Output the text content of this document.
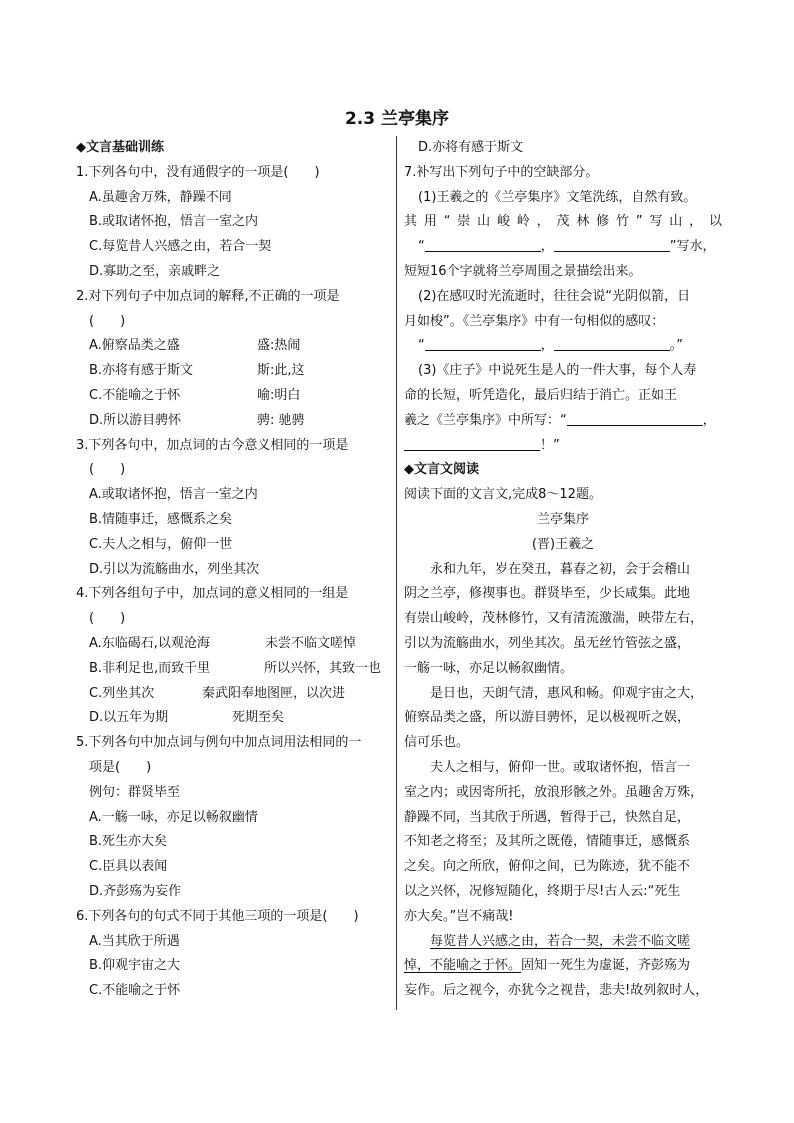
2.3 兰亭集序
◆文言基础训练
1.下列各句中，没有通假字的一项是(　　)
A.虽趣舍万殊，静躁不同
B.或取诸怀抱，悟言一室之内
C.每览昔人兴感之由，若合一契
D.寡助之至，亲戚畔之
2.对下列句子中加点词的解释,不正确的一项是
(　　)
A.俯察品类之盛	盛:热闹
B.亦将有感于斯文	斯:此,这
C.不能喻之于怀	喻:明白
D.所以游目骋怀	骋: 驰骋
3.下列各句中，加点词的古今意义相同的一项是
(　　)
A.或取诸怀抱，悟言一室之内
B.情随事迁，感慨系之矣
C.夫人之相与，俯仰一世
D.引以为流觞曲水，列坐其次
4.下列各组句子中，加点词的意义相同的一组是
(　　)
A.东临碣石,以观沧海	未尝不临文嗟悼
B.非利足也,而致千里	所以兴怀，其致一也
C.列坐其次	秦武阳奉地图匣，以次进
D.以五年为期	死期至矣
5.下列各句中加点词与例句中加点词用法相同的一
项是(　　)
例句：群贤毕至
A.一觞一咏，亦足以畅叙幽情
B.死生亦大矣
C.臣具以表闻
D.齐彭殇为妄作
6.下列各句的句式不同于其他三项的一项是(　　)
A.当其欣于所遇
B.仰观宇宙之大
C.不能喻之于怀
D.亦将有感于斯文
7.补写出下列句子中的空缺部分。
(1)王羲之的《兰亭集序》文笔洗练，自然有致。
其用“崇山峻岭，茂林修竹”写山，以
“	，	”写水，
短短16个字就将兰亭周围之景描绘出来。
(2)在感叹时光流逝时，往往会说“光阴似箭，日
月如梭”。《兰亭集序》中有一句相似的感叹：
“	，	。”
(3)《庄子》中说死生是人的一件大事，每个人寿
命的长短，听凭造化，最后归结于消亡。正如王
羲之《兰亭集序》中所写：“	，
！”
◆文言文阅读
阅读下面的文言文,完成8～12题。
兰亭集序
(晋)王羲之
永和九年，岁在癸丑，暮春之初，会于会稽山
阴之兰亭，修禊事也。群贤毕至，少长咸集。此地
有崇山峻岭，茂林修竹，又有清流激湍，映带左右，
引以为流觞曲水，列坐其次。虽无丝竹管弦之盛，
一觞一咏，亦足以畅叙幽情。
是日也，天朗气清，惠风和畅。仰观宇宙之大，
俯察品类之盛，所以游目骋怀，足以极视听之娱，
信可乐也。
夫人之相与，俯仰一世。或取诸怀抱，悟言一
室之内；或因寄所托，放浪形骸之外。虽趣舍万殊，
静躁不同，当其欣于所遇，暂得于己，快然自足，
不知老之将至；及其所之既倦，情随事迁，感慨系
之矣。向之所欣，俯仰之间，已为陈迹，犹不能不
以之兴怀，况修短随化，终期于尽!古人云:“死生
亦大矣。”岂不痛哉!
每览昔人兴感之由，若合一契，未尝不临文嗟
悼，不能喻之于怀。固知一死生为虚诞，齐彭殇为
妄作。后之视今，亦犹今之视昔，悲夫!故列叙时人，
